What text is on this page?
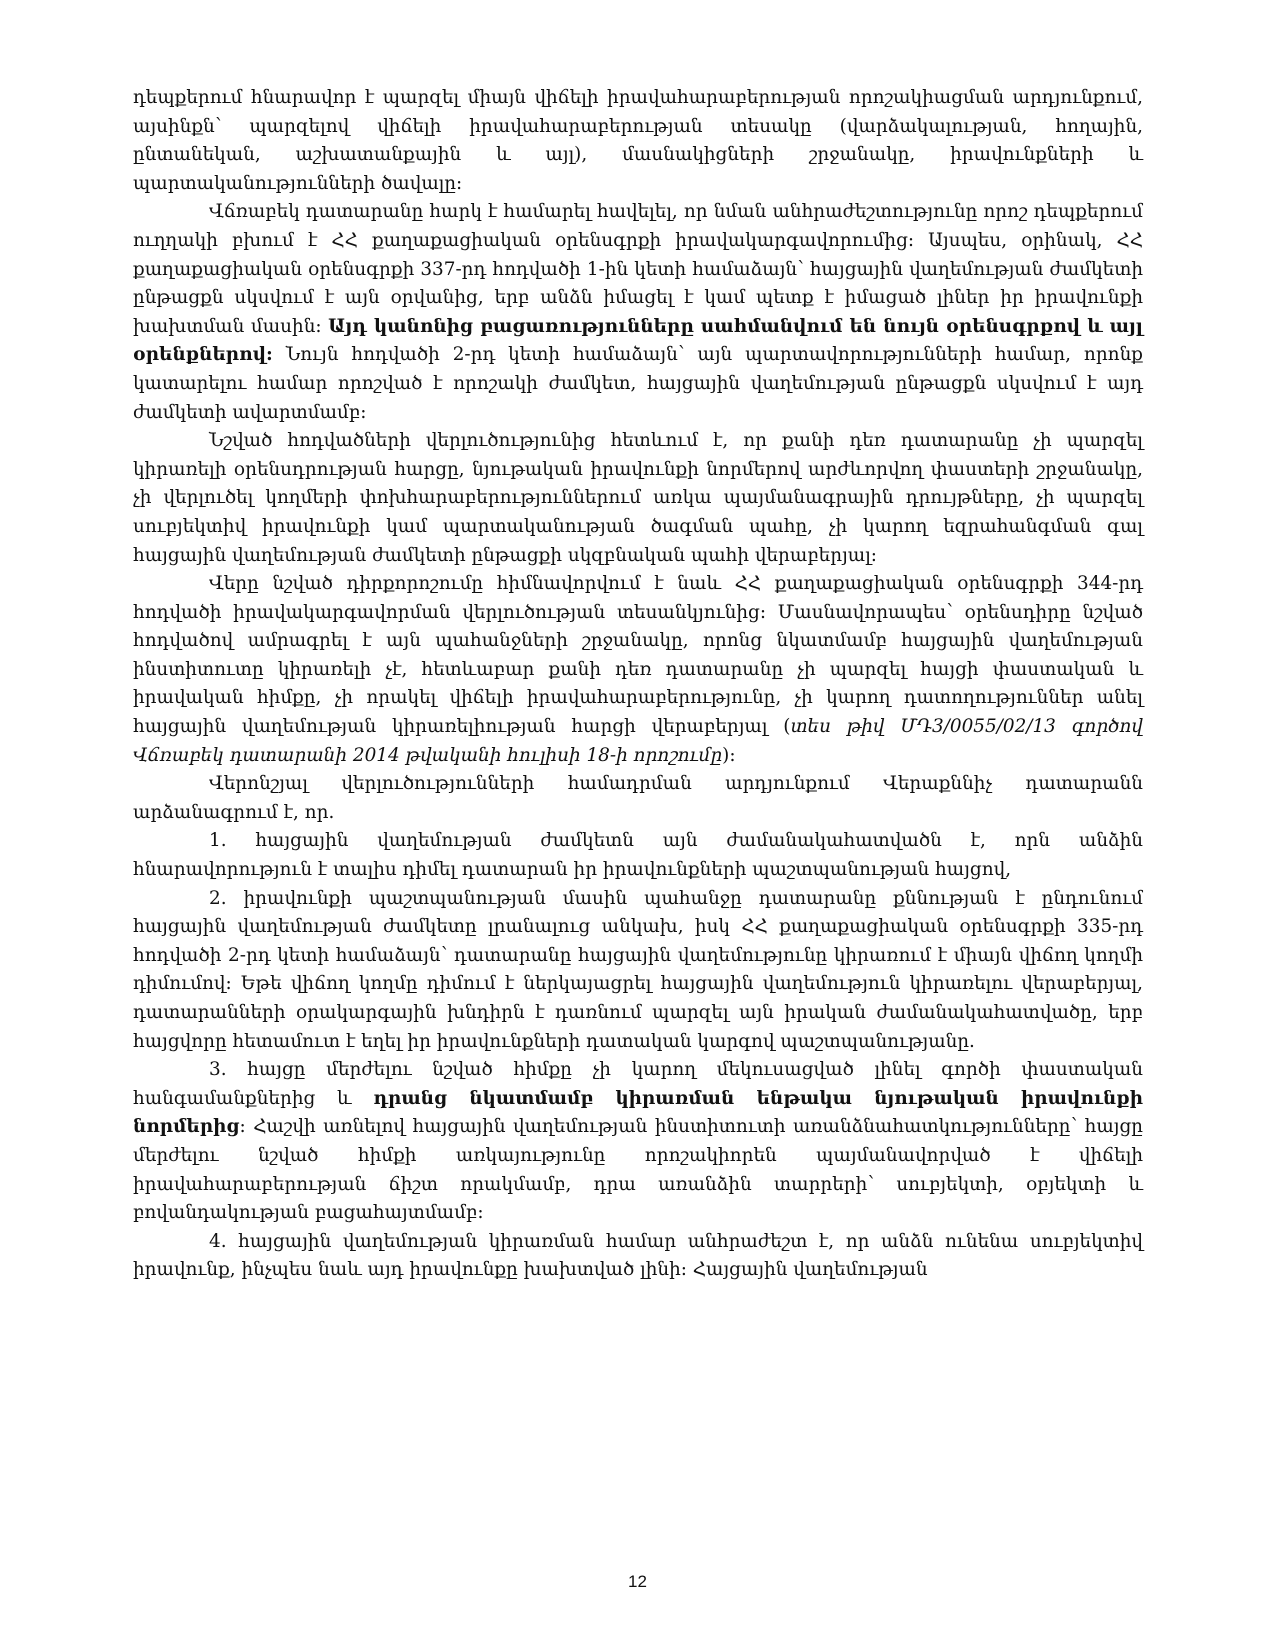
դեպքերում հնարավոր է պարզել միայն վիճելի իրավահարաբերության որոշակիացման արդյունքում, այսինքն՝ պարզելով վիճելի իրավահարաբերության տեսակը (վարձակալության, հողային, ընտանեկան, աշխատանքային և այլ), մասնակիցների շրջանակը, իրավունքների և պարտականությունների ծավալը:

Վճռաբեկ դատարանը հարկ է համարել հավելել, որ նման անհրաժեշտությունը որոշ դեպքերում ուղղակի բխում է ՀՀ քաղաքացիական օրենսգրքի իրավակարգավորումից: Այսպես, օրինակ, ՀՀ քաղաքացիական օրենսգրքի 337-րդ հոդվածի 1-ին կետի համաձայն՝ հայցային վաղեմության ժամկետի ընթացքն սկսվում է այն օրվանից, երբ անձն իմացել է կամ պետք է իմացած լիներ իր իրավունքի խախտման մասին: Այդ կանոնից բացառությունները սահմանվում են նույն օրենսգրքով և այլ օրենքներով: Նույն հոդվածի 2-րդ կետի համաձայն՝ այն պարտավորությունների համար, որոնք կատարելու համար որոշված է որոշակի ժամկետ, հայցային վաղեմության ընթացքն սկսվում է այդ ժամկետի ավարտմամբ:

Նշված հոդվածների վերլուծությունից հետևում է, որ քանի դեռ դատարանը չի պարզել կիրառելի օրենսդրության հարցը, նյութական իրավունքի նորմերով արժևորվող փաստերի շրջանակը, չի վերլուծել կողմերի փոխհարաբերություններում առկա պայմանագրային դրույթները, չի պարզել սուբյեկտիվ իրավունքի կամ պարտականության ծագման պահը, չի կարող եզրահանգման գալ հայցային վաղեմության ժամկետի ընթացքի սկզբնական պահի վերաբերյալ:

Վերը նշված դիրքորոշումը հիմնավորվում է նաև ՀՀ քաղաքացիական օրենսգրքի 344-րդ հոդվածի իրավակարգավորման վերլուծության տեսանկյունից: Մասնավորապես՝ օրենսդիրը նշված հոդվածով ամրագրել է այն պահանջների շրջանակը, որոնց նկատմամբ հայցային վաղեմության ինստիտուտը կիրառելի չէ, հետևաբար քանի դեռ դատարանը չի պարզել հայցի փաստական և իրավական հիմքը, չի որակել վիճելի իրավահարաբերությունը, չի կարող դատողություններ անել հայցային վաղեմության կիրառելիության հարցի վերաբերյալ (տես թիվ ՄԴ3/0055/02/13 գործով Վճռաբեկ դատարանի 2014 թվականի հուլիսի 18-ի որոշումը):

Վերոնշյալ վերլուծությունների համադրման արդյունքում Վերաքննիչ դատարանն արձանագրում է, որ.

1. հայցային վաղեմության ժամկետն այն ժամանակահատվածն է, որն անձին հնարավորություն է տալիս դիմել դատարան իր իրավունքների պաշտպանության հայցով,

2. իրավունքի պաշտպանության մասին պահանջը դատարանը քննության է ընդունում հայցային վաղեմության ժամկետը լրանալուց անկախ, իսկ ՀՀ քաղաքացիական օրենսգրքի 335-րդ հոդվածի 2-րդ կետի համաձայն՝ դատարանը հայցային վաղեմությունը կիրառում է միայն վիճող կողմի դիմումով: Եթե վիճող կողմը դիմում է ներկայացրել հայցային վաղեմություն կիրառելու վերաբերյալ, դատարանների օրակարգային խնդիրն է դառնում պարզել այն իրական ժամանակահատվածը, երբ հայցվորը հետամուտ է եղել իր իրավունքների դատական կարգով պաշտպանությանը.

3. հայցը մերժելու նշված հիմքը չի կարող մեկուսացված լինել գործի փաստական հանգամանքներից և դրանց նկատմամբ կիրառման ենթակա նյութական իրավունքի նորմերից: Հաշվի առնելով հայցային վաղեմության ինստիտուտի առանձնահատկությունները՝ հայցը մերժելու նշված հիմքի առկայությունը որոշակիորեն պայմանավորված է վիճելի իրավահարաբերության ճիշտ որակմամբ, դրա առանձին տարրերի՝ սուբյեկտի, օբյեկտի և բովանդակության բացահայտմամբ:

4. հայցային վաղեմության կիրառման համար անհրաժեշտ է, որ անձն ունենա սուբյեկտիվ իրավունք, ինչպես նաև այդ իրավունքը խախտված լինի: Հայցային վաղեմության

12
